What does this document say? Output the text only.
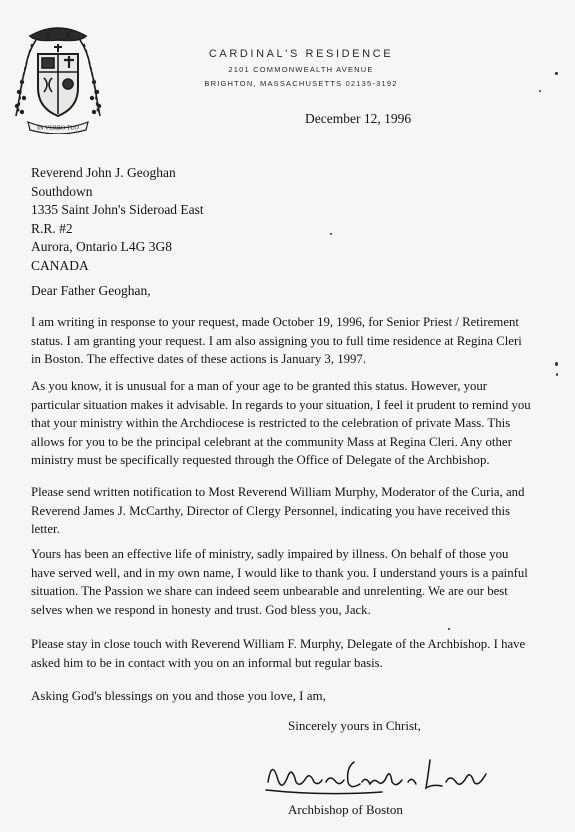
IN VERBO TUO
CARDINAL'S RESIDENCE
2101 COMMONWEALTH AVENUE
BRIGHTON, MASSACHUSETTS 02135-3192
December 12, 1996
Reverend John J. Geoghan
Southdown
1335 Saint John's Sideroad East
R.R. #2
Aurora, Ontario L4G 3G8
CANADA
Dear Father Geoghan,
I am writing in response to your request, made October 19, 1996, for Senior Priest / Retirement
status. I am granting your request. I am also assigning you to full time residence at Regina Cleri
in Boston. The effective dates of these actions is January 3, 1997.
As you know, it is unusual for a man of your age to be granted this status. However, your
particular situation makes it advisable. In regards to your situation, I feel it prudent to remind you
that your ministry within the Archdiocese is restricted to the celebration of private Mass. This
allows for you to be the principal celebrant at the community Mass at Regina Cleri. Any other
ministry must be specifically requested through the Office of Delegate of the Archbishop.
Please send written notification to Most Reverend William Murphy, Moderator of the Curia, and
Reverend James J. McCarthy, Director of Clergy Personnel, indicating you have received this
letter.
Yours has been an effective life of ministry, sadly impaired by illness. On behalf of those you
have served well, and in my own name, I would like to thank you. I understand yours is a painful
situation. The Passion we share can indeed seem unbearable and unrelenting. We are our best
selves when we respond in honesty and trust. God bless you, Jack.
Please stay in close touch with Reverend William F. Murphy, Delegate of the Archbishop. I have
asked him to be in contact with you on an informal but regular basis.
Asking God's blessings on you and those you love, I am,
Sincerely yours in Christ,
Archbishop of Boston
